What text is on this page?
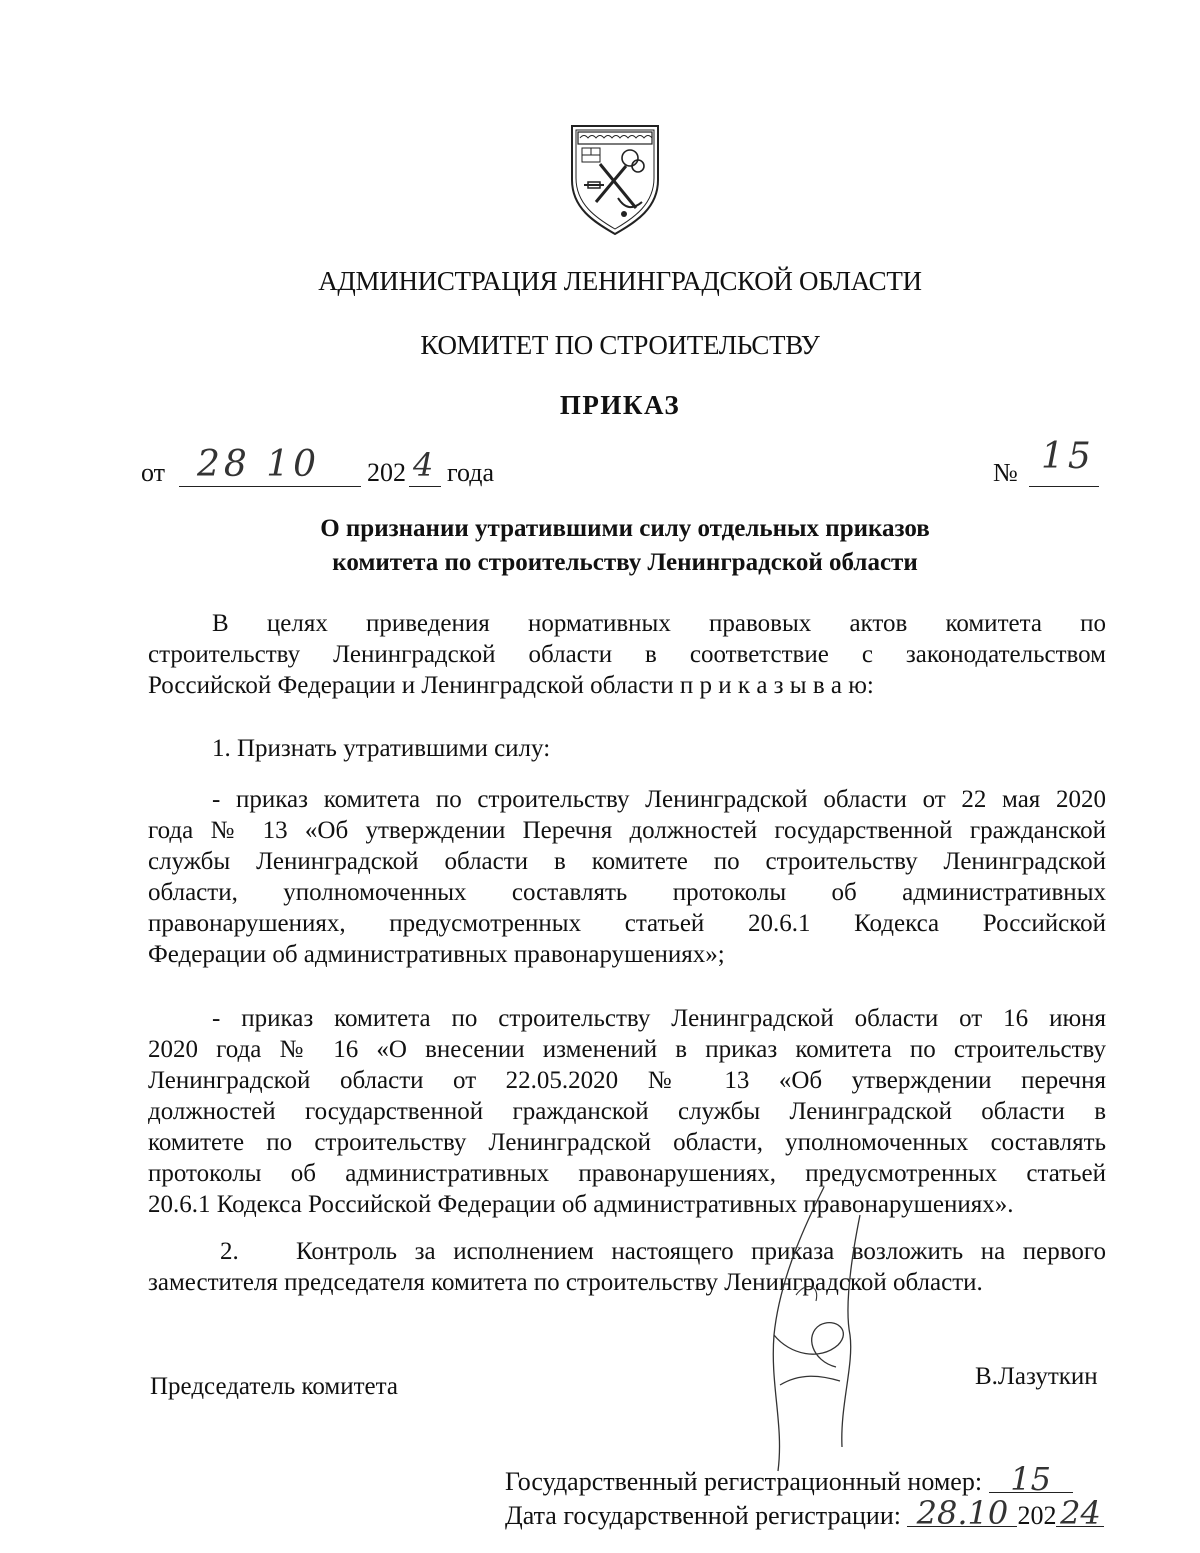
АДМИНИСТРАЦИЯ ЛЕНИНГРАДСКОЙ ОБЛАСТИ
КОМИТЕТ ПО СТРОИТЕЛЬСТВУ
ПРИКАЗ
от 28 10 202 4 года	№ 15
О признании утратившими силу отдельных приказов
комитета по строительству Ленинградской области
В целях приведения нормативных правовых актов комитета по
строительству Ленинградской области в соответствие с законодательством
Российской Федерации и Ленинградской области п р и к а з ы в а ю:
1. Признать утратившими силу:
- приказ комитета по строительству Ленинградской области от 22 мая 2020
года № 13 «Об утверждении Перечня должностей государственной гражданской
службы Ленинградской области в комитете по строительству Ленинградской
области, уполномоченных составлять протоколы об административных
правонарушениях, предусмотренных статьей 20.6.1 Кодекса Российской
Федерации об административных правонарушениях»;
- приказ комитета по строительству Ленинградской области от 16 июня
2020 года № 16 «О внесении изменений в приказ комитета по строительству
Ленинградской области от 22.05.2020 № 13 «Об утверждении перечня
должностей государственной гражданской службы Ленинградской области в
комитете по строительству Ленинградской области, уполномоченных составлять
протоколы об административных правонарушениях, предусмотренных статьей
20.6.1 Кодекса Российской Федерации об административных правонарушениях».
2. Контроль за исполнением настоящего приказа возложить на первого
заместителя председателя комитета по строительству Ленинградской области.
Председатель комитета	В.Лазуткин
Государственный регистрационный номер: 15
Дата государственной регистрации: 28.10 202 24
